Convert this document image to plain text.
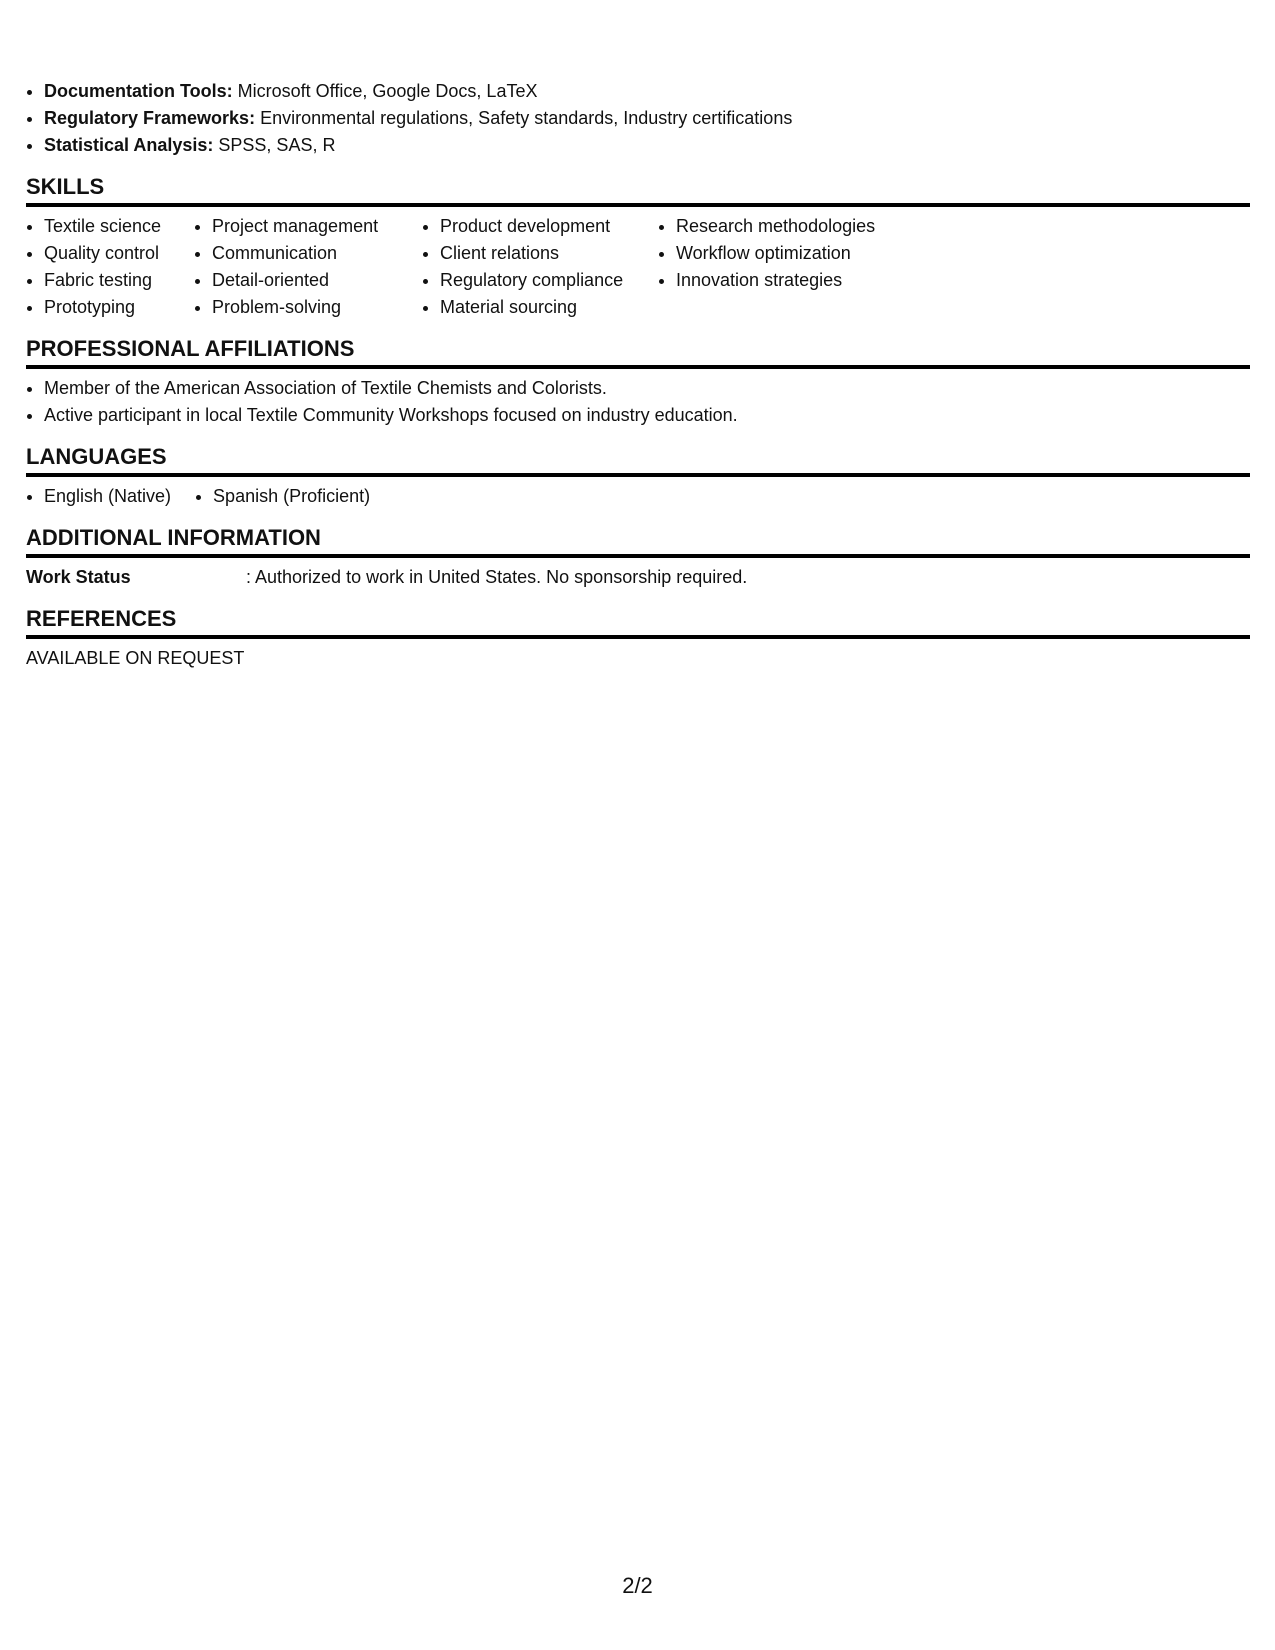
• Documentation Tools: Microsoft Office, Google Docs, LaTeX
• Regulatory Frameworks: Environmental regulations, Safety standards, Industry certifications
• Statistical Analysis: SPSS, SAS, R
SKILLS
• Textile science
• Quality control
• Fabric testing
• Prototyping
• Project management
• Communication
• Detail-oriented
• Problem-solving
• Product development
• Client relations
• Regulatory compliance
• Material sourcing
• Research methodologies
• Workflow optimization
• Innovation strategies
PROFESSIONAL AFFILIATIONS
• Member of the American Association of Textile Chemists and Colorists.
• Active participant in local Textile Community Workshops focused on industry education.
LANGUAGES
• English (Native)
• Spanish (Proficient)
ADDITIONAL INFORMATION
Work Status	: Authorized to work in United States. No sponsorship required.
REFERENCES
AVAILABLE ON REQUEST
2/2
